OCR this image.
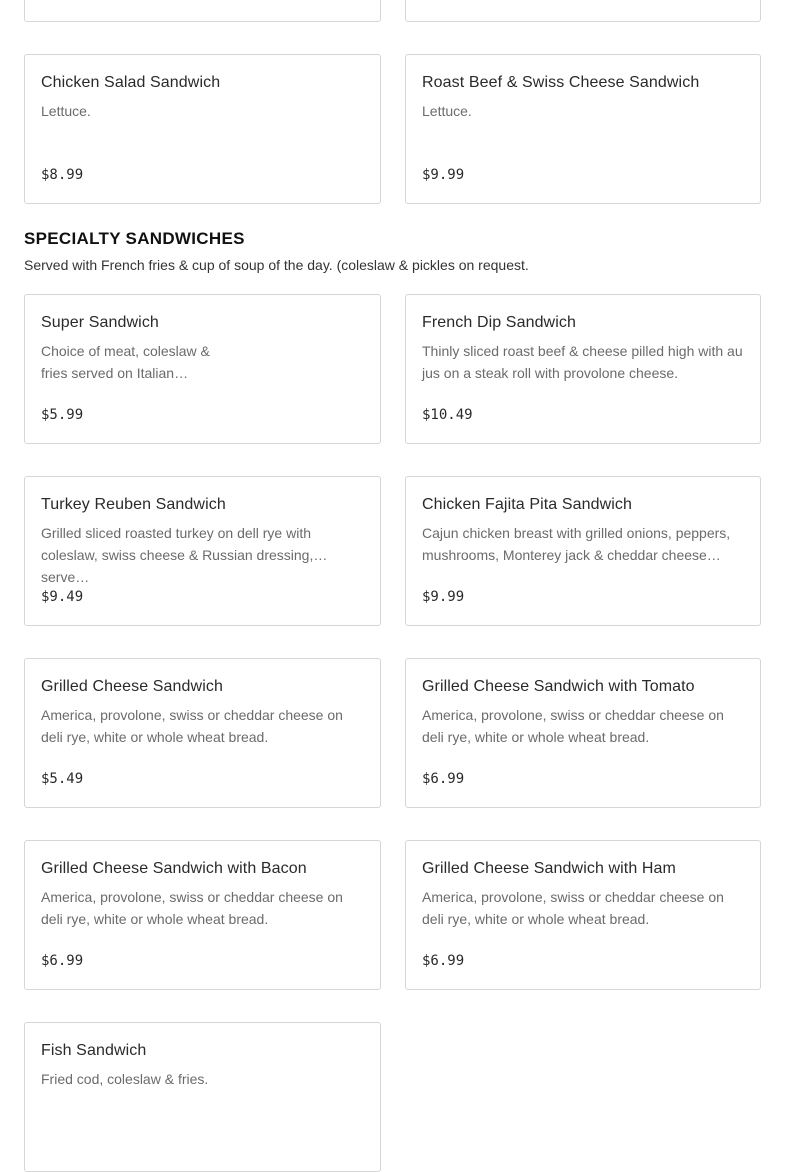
Chicken Salad Sandwich
Lettuce.
$8.99
Roast Beef & Swiss Cheese Sandwich
Lettuce.
$9.99
SPECIALTY SANDWICHES
Served with French fries & cup of soup of the day. (coleslaw & pickles on request.
Super Sandwich
Choice of meat, coleslaw & fries served on Italian…
$5.99
French Dip Sandwich
Thinly sliced roast beef & cheese pilled high with au jus on a steak roll with provolone cheese.
$10.49
Turkey Reuben Sandwich
Grilled sliced roasted turkey on dell rye with coleslaw, swiss cheese & Russian dressing, serve…
$9.49
Chicken Fajita Pita Sandwich
Cajun chicken breast with grilled onions, peppers, mushrooms, Monterey jack & cheddar cheese…
$9.99
Grilled Cheese Sandwich
America, provolone, swiss or cheddar cheese on deli rye, white or whole wheat bread.
$5.49
Grilled Cheese Sandwich with Tomato
America, provolone, swiss or cheddar cheese on deli rye, white or whole wheat bread.
$6.99
Grilled Cheese Sandwich with Bacon
America, provolone, swiss or cheddar cheese on deli rye, white or whole wheat bread.
$6.99
Grilled Cheese Sandwich with Ham
America, provolone, swiss or cheddar cheese on deli rye, white or whole wheat bread.
$6.99
Fish Sandwich
Fried cod, coleslaw & fries.
